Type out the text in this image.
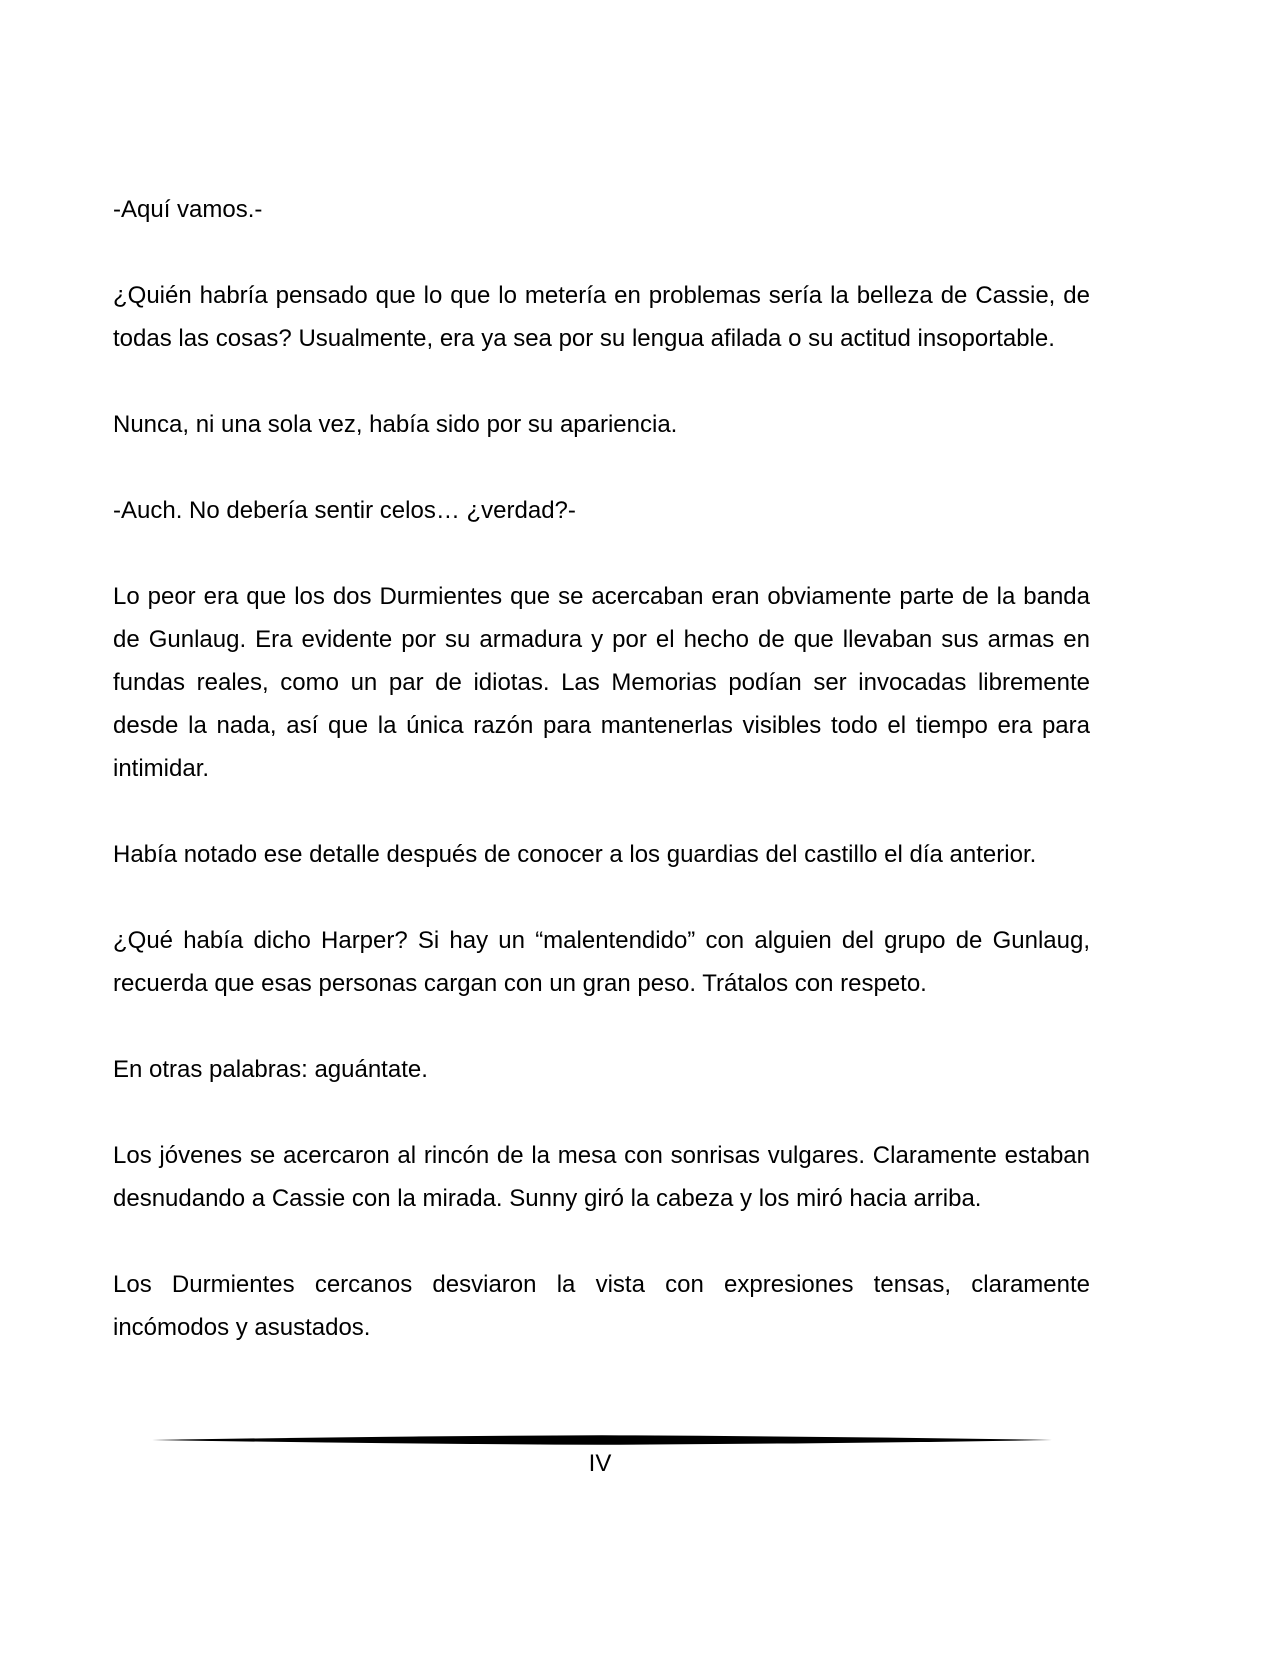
-Aquí vamos.-

¿Quién habría pensado que lo que lo metería en problemas sería la belleza de Cassie, de todas las cosas? Usualmente, era ya sea por su lengua afilada o su actitud insoportable.

Nunca, ni una sola vez, había sido por su apariencia.

-Auch. No debería sentir celos… ¿verdad?-

Lo peor era que los dos Durmientes que se acercaban eran obviamente parte de la banda de Gunlaug. Era evidente por su armadura y por el hecho de que llevaban sus armas en fundas reales, como un par de idiotas. Las Memorias podían ser invocadas libremente desde la nada, así que la única razón para mantenerlas visibles todo el tiempo era para intimidar.

Había notado ese detalle después de conocer a los guardias del castillo el día anterior.

¿Qué había dicho Harper? Si hay un “malentendido” con alguien del grupo de Gunlaug, recuerda que esas personas cargan con un gran peso. Trátalos con respeto.

En otras palabras: aguántate.

Los jóvenes se acercaron al rincón de la mesa con sonrisas vulgares. Claramente estaban desnudando a Cassie con la mirada. Sunny giró la cabeza y los miró hacia arriba.

Los Durmientes cercanos desviaron la vista con expresiones tensas, claramente incómodos y asustados.

IV
